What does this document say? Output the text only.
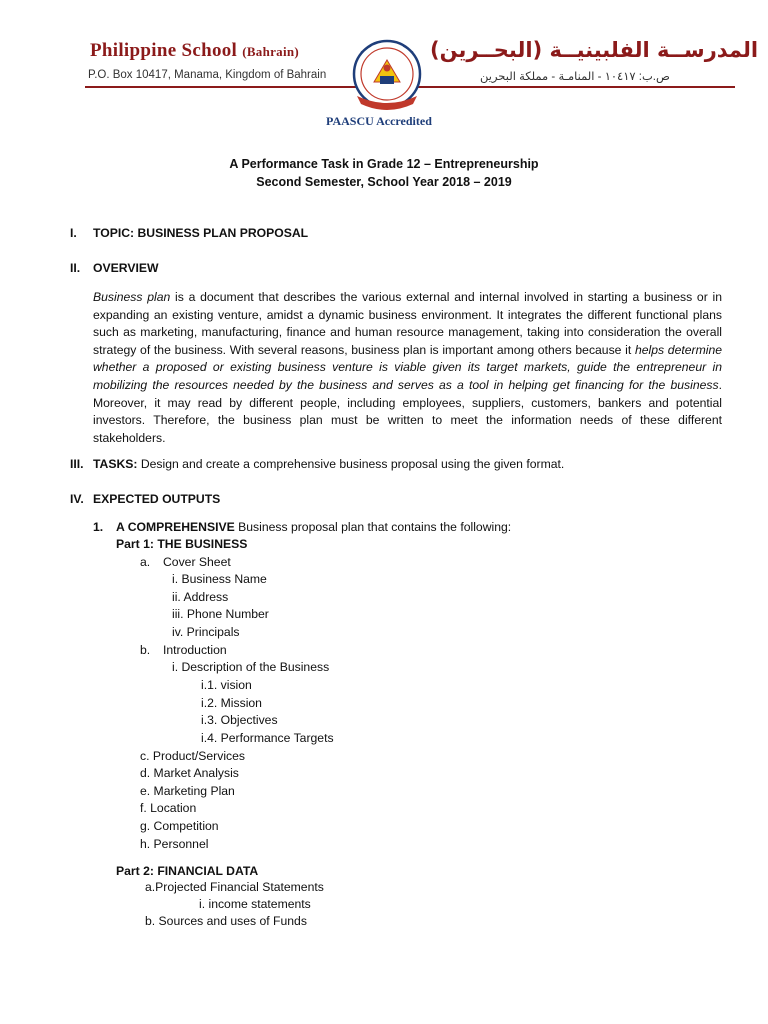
Philippine School (Bahrain)
P.O. Box 10417, Manama, Kingdom of Bahrain
المدرســة الفلبينيــة (البحــرين)
ص.ب: ١٠٤١٧ - المنامـة - مملكة البحرين
PAASCU Accredited
A Performance Task in Grade 12 – Entrepreneurship
Second Semester, School Year 2018 – 2019
I. TOPIC: BUSINESS PLAN PROPOSAL
II. OVERVIEW
Business plan is a document that describes the various external and internal involved in starting a business or in expanding an existing venture, amidst a dynamic business environment. It integrates the different functional plans such as marketing, manufacturing, finance and human resource management, taking into consideration the overall strategy of the business. With several reasons, business plan is important among others because it helps determine whether a proposed or existing business venture is viable given its target markets, guide the entrepreneur in mobilizing the resources needed by the business and serves as a tool in helping get financing for the business. Moreover, it may read by different people, including employees, suppliers, customers, bankers and potential investors. Therefore, the business plan must be written to meet the information needs of these different stakeholders.
III. TASKS: Design and create a comprehensive business proposal using the given format.
IV. EXPECTED OUTPUTS
1. A COMPREHENSIVE Business proposal plan that contains the following:
Part 1: THE BUSINESS
a. Cover Sheet
i. Business Name
ii. Address
iii. Phone Number
iv. Principals
b. Introduction
i. Description of the Business
i.1. vision
i.2. Mission
i.3. Objectives
i.4. Performance Targets
c. Product/Services
d. Market Analysis
e. Marketing Plan
f. Location
g. Competition
h. Personnel
Part 2: FINANCIAL DATA
a.Projected Financial Statements
i. income statements
b. Sources and uses of Funds
